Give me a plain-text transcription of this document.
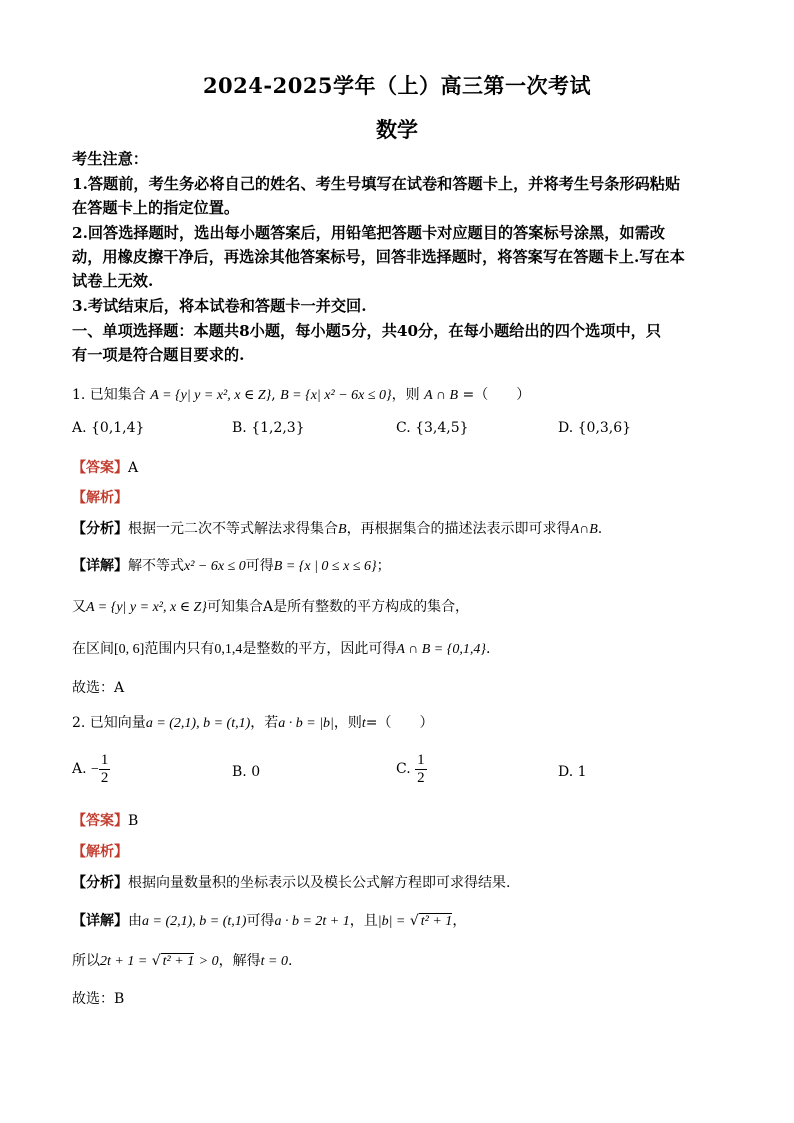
2024-2025学年（上）高三第一次考试
数学
考生注意：
1.答题前，考生务必将自己的姓名、考生号填写在试卷和答题卡上，并将考生号条形码粘贴
在答题卡上的指定位置。
2.回答选择题时，选出每小题答案后，用铅笔把答题卡对应题目的答案标号涂黑，如需改
动，用橡皮擦干净后，再选涂其他答案标号，回答非选择题时，将答案写在答题卡上.写在本
试卷上无效.
3.考试结束后，将本试卷和答题卡一并交回.
一、单项选择题：本题共8小题，每小题5分，共40分，在每小题给出的四个选项中，只
有一项是符合题目要求的.
1. 已知集合 A = {y| y = x², x ∈ Z}, B = {x| x² − 6x ≤ 0}，则 A ∩ B =（　　）
A. {0,1,4}	B. {1,2,3}	C. {3,4,5}	D. {0,3,6}
【答案】A
【解析】
【分析】根据一元二次不等式解法求得集合B，再根据集合的描述法表示即可求得A∩B.
【详解】解不等式x² − 6x ≤ 0可得B = {x | 0 ≤ x ≤ 6}；
又A = {y| y = x², x ∈ Z}可知集合A是所有整数的平方构成的集合，
在区间[0, 6]范围内只有0,1,4是整数的平方，因此可得A ∩ B = {0,1,4}.
故选：A
2. 已知向量a = (2,1), b = (t,1)，若a · b = |b|，则t=（　　）
A. − $\frac{1}{2}$	B. 0	C. $\frac{1}{2}$	D. 1
【答案】B
【解析】
【分析】根据向量数量积的坐标表示以及模长公式解方程即可求得结果.
【详解】由a = (2,1), b = (t,1)可得a · b = 2t + 1，且|b| = √ t² + 1，
所以2t + 1 = √ t² + 1 > 0，解得t = 0.
故选：B
